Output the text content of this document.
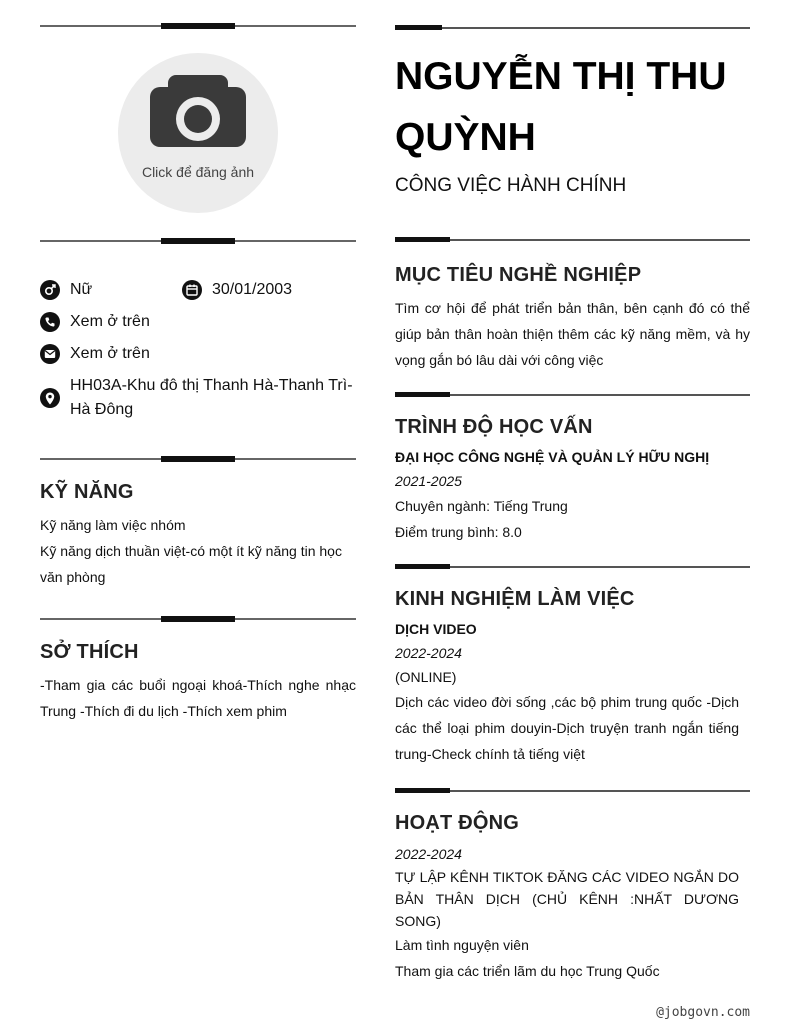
Click để đăng ảnh
Nữ	30/01/2003
Xem ở trên
Xem ở trên
HH03A-Khu đô thị Thanh Hà-Thanh Trì-Hà Đông
KỸ NĂNG
Kỹ năng làm việc nhóm
Kỹ năng dịch thuần việt-có một ít kỹ năng tin học văn phòng
SỞ THÍCH
-Tham gia các buổi ngoại khoá-Thích nghe nhạc Trung -Thích đi du lịch -Thích xem phim
NGUYỄN THỊ THU QUỲNH
CÔNG VIỆC HÀNH CHÍNH
MỤC TIÊU NGHỀ NGHIỆP
Tìm cơ hội để phát triển bản thân, bên cạnh đó có thể giúp bản thân hoàn thiện thêm các kỹ năng mềm, và hy vọng gắn bó lâu dài với công việc
TRÌNH ĐỘ HỌC VẤN
ĐẠI HỌC CÔNG NGHỆ VÀ QUẢN LÝ HỮU NGHỊ
2021-2025
Chuyên ngành: Tiếng Trung
Điểm trung bình: 8.0
KINH NGHIỆM LÀM VIỆC
DỊCH VIDEO
2022-2024
(ONLINE)
Dịch các video đời sống ,các bộ phim trung quốc -Dịch các thể loại phim douyin-Dịch truyện tranh ngắn tiếng trung-Check chính tả tiếng việt
HOẠT ĐỘNG
2022-2024
TỰ LẬP KÊNH TIKTOK ĐĂNG CÁC VIDEO NGẮN DO BẢN THÂN DỊCH (CHỦ KÊNH :NHẤT DƯƠNG SONG)
Làm tình nguyện viên
Tham gia các triển lãm du học Trung Quốc
@jobgovn.com
